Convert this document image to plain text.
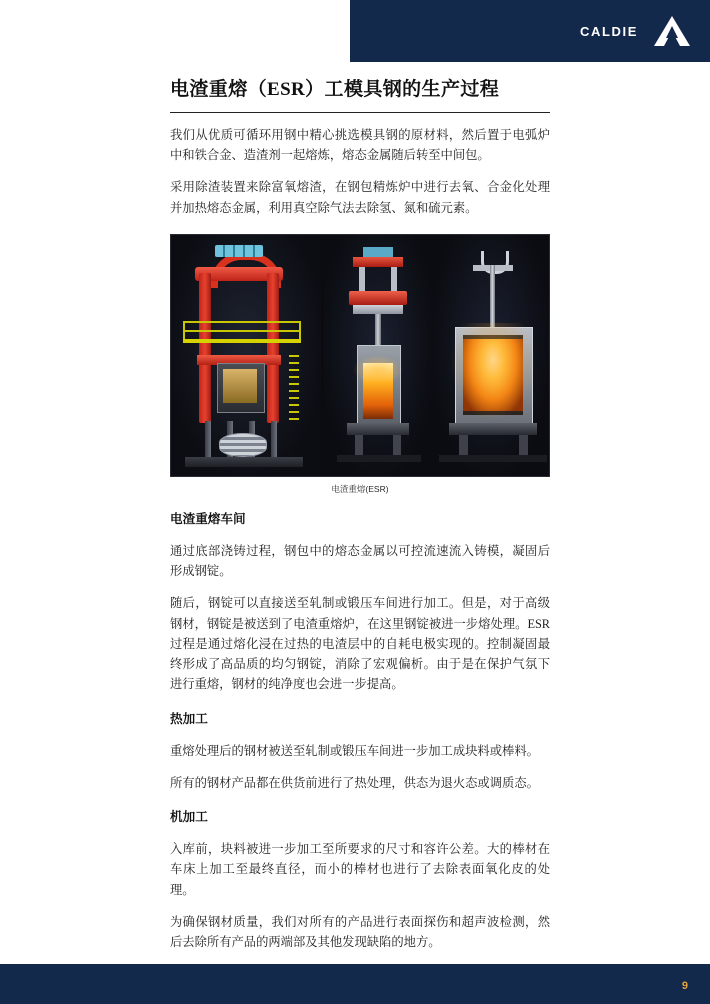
CALDIE
电渣重熔（ESR）工模具钢的生产过程

我们从优质可循环用钢中精心挑选模具钢的原材料，然后置于电弧炉中和铁合金、造渣剂一起熔炼，熔态金属随后转至中间包。

采用除渣装置来除富氧熔渣，在钢包精炼炉中进行去氧、合金化处理并加热熔态金属，利用真空除气法去除氢、氮和硫元素。

电渣重熔(ESR)
电渣重熔车间

通过底部浇铸过程，钢包中的熔态金属以可控流速流入铸模，凝固后形成钢锭。

随后，钢锭可以直接送至轧制或锻压车间进行加工。但是，对于高级钢材，钢锭是被送到了电渣重熔炉，在这里钢锭被进一步熔处理。ESR过程是通过熔化浸在过热的电渣层中的自耗电极实现的。控制凝固最终形成了高品质的均匀钢锭，消除了宏观偏析。由于是在保护气氛下进行重熔，钢材的纯净度也会进一步提高。

热加工

重熔处理后的钢材被送至轧制或锻压车间进一步加工成块料或棒料。

所有的钢材产品都在供货前进行了热处理，供态为退火态或调质态。

机加工

入库前，块料被进一步加工至所要求的尺寸和容许公差。大的棒材在车床上加工至最终直径，而小的棒材也进行了去除表面氧化皮的处理。

为确保钢材质量，我们对所有的产品进行表面探伤和超声波检测，然后去除所有产品的两端部及其他发现缺陷的地方。

9
